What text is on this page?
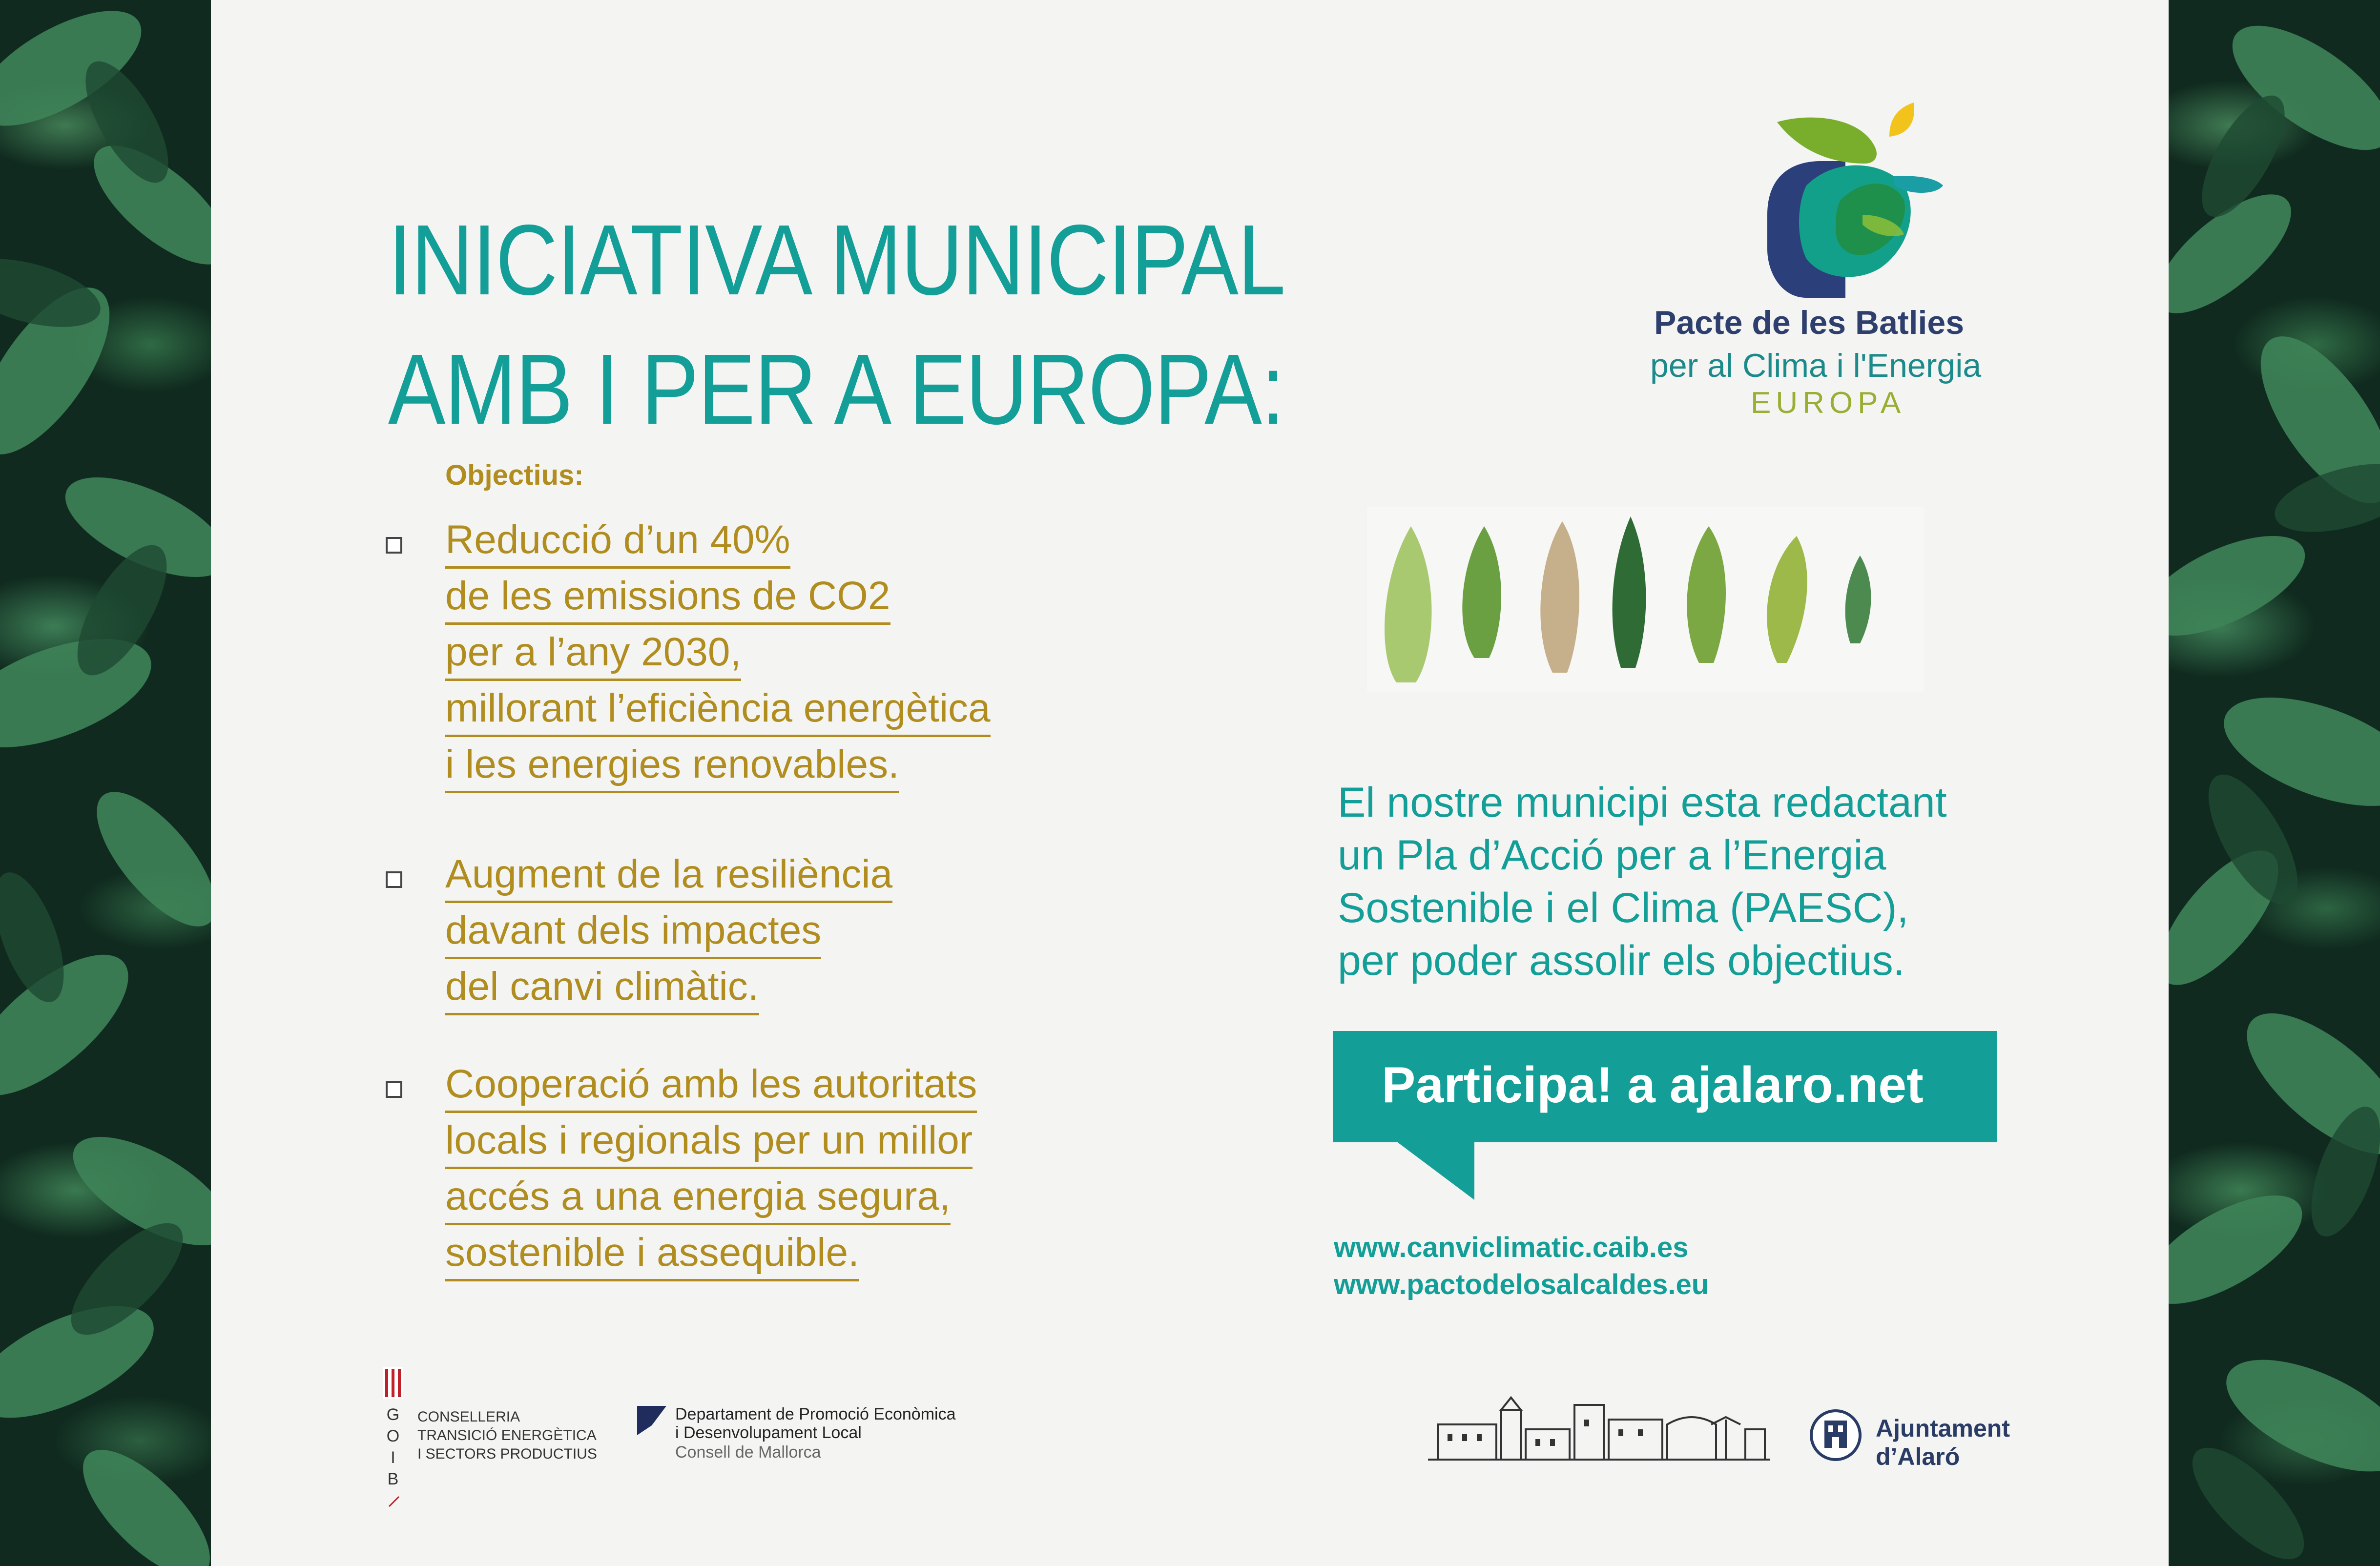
INICIATIVA MUNICIPAL
AMB I PER A EUROPA:
Objectius:
Reducció d’un 40%
de les emissions de CO2
per a l’any 2030,
millorant l’eficiència energètica
i les energies renovables.
Augment de la resiliència
davant dels impactes
del canvi climàtic.
Cooperació amb les autoritats
locals i regionals per un millor
accés a una energia segura,
sostenible i assequible.
Pacte de les Batlies
per al Clima i l'Energia
EUROPA
El nostre municipi esta redactant
un Pla d’Acció per a l’Energia
Sostenible i el Clima (PAESC),
per poder assolir els objectius.
Participa! a ajalaro.net
www.canviclimatic.caib.es
www.pactodelosalcaldes.eu
G
O
I
B
CONSELLERIA
TRANSICIÓ ENERGÈTICA
I SECTORS PRODUCTIUS
Departament de Promoció Econòmica
i Desenvolupament Local
Consell de Mallorca
Ajuntament
d’Alaró
